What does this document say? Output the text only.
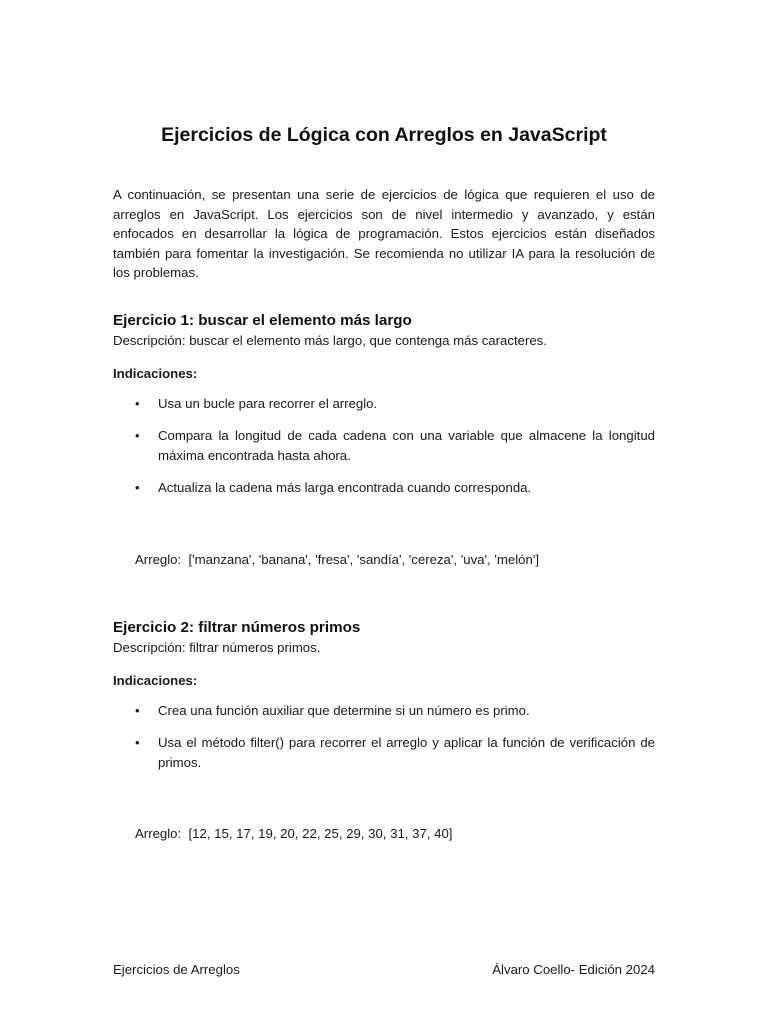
Ejercicios de Lógica con Arreglos en JavaScript

A continuación, se presentan una serie de ejercicios de lógica que requieren el uso de arreglos en JavaScript. Los ejercicios son de nivel intermedio y avanzado, y están enfocados en desarrollar la lógica de programación. Estos ejercicios están diseñados también para fomentar la investigación. Se recomienda no utilizar IA para la resolución de los problemas.

Ejercicio 1: buscar el elemento más largo

Descripción: buscar el elemento más largo, que contenga más caracteres.

Indicaciones:

• Usa un bucle para recorrer el arreglo.
• Compara la longitud de cada cadena con una variable que almacene la longitud máxima encontrada hasta ahora.
• Actualiza la cadena más larga encontrada cuando corresponda.
Arreglo:  ['manzana', 'banana', 'fresa', 'sandía', 'cereza', 'uva', 'melón']

Ejercicio 2: filtrar números primos

Descripción: filtrar números primos.

Indicaciones:

• Crea una función auxiliar que determine si un número es primo.
• Usa el método filter() para recorrer el arreglo y aplicar la función de verificación de primos.
Arreglo:  [12, 15, 17, 19, 20, 22, 25, 29, 30, 31, 37, 40]
Ejercicios de Arreglos	Álvaro Coello- Edición 2024
